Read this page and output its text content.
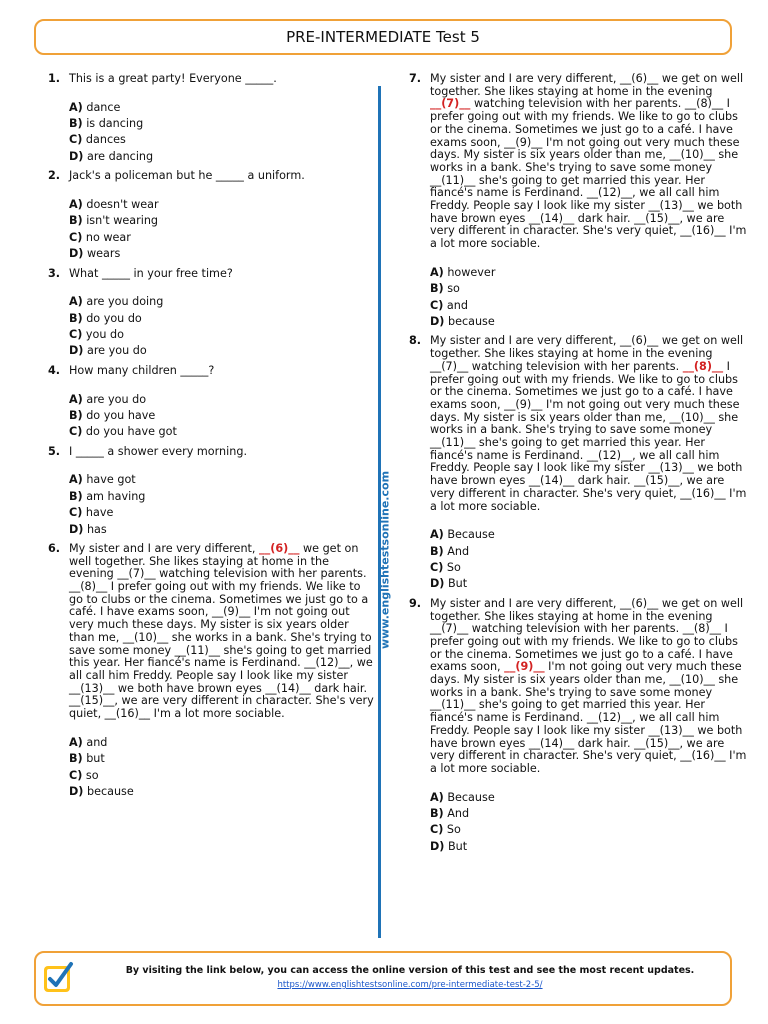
PRE-INTERMEDIATE Test 5
1. This is a great party! Everyone _____.
A) dance
B) is dancing
C) dances
D) are dancing
2. Jack's a policeman but he _____ a uniform.
A) doesn't wear
B) isn't wearing
C) no wear
D) wears
3. What _____ in your free time?
A) are you doing
B) do you do
C) you do
D) are you do
4. How many children _____?
A) are you do
B) do you have
C) do you have got
5. I _____ a shower every morning.
A) have got
B) am having
C) have
D) has
6. My sister and I are very different, __(6)__ we get on well together. She likes staying at home in the evening __(7)__ watching television with her parents. __(8)__ I prefer going out with my friends. We like to go to clubs or the cinema. Sometimes we just go to a café. I have exams soon, __(9)__ I'm not going out very much these days. My sister is six years older than me, __(10)__ she works in a bank. She's trying to save some money __(11)__ she's going to get married this year. Her fiancé's name is Ferdinand. __(12)__, we all call him Freddy. People say I look like my sister __(13)__ we both have brown eyes __(14)__ dark hair. __(15)__, we are very different in character. She's very quiet, __(16)__ I'm a lot more sociable.
A) and
B) but
C) so
D) because
7. My sister and I are very different, __(6)__ we get on well together. She likes staying at home in the evening __(7)__ watching television with her parents. __(8)__ I prefer going out with my friends. We like to go to clubs or the cinema. Sometimes we just go to a café. I have exams soon, __(9)__ I'm not going out very much these days. My sister is six years older than me, __(10)__ she works in a bank. She's trying to save some money __(11)__ she's going to get married this year. Her fiancé's name is Ferdinand. __(12)__, we all call him Freddy. People say I look like my sister __(13)__ we both have brown eyes __(14)__ dark hair. __(15)__, we are very different in character. She's very quiet, __(16)__ I'm a lot more sociable.
A) however
B) so
C) and
D) because
8. My sister and I are very different, __(6)__ we get on well together. She likes staying at home in the evening __(7)__ watching television with her parents. __(8)__ I prefer going out with my friends. We like to go to clubs or the cinema. Sometimes we just go to a café. I have exams soon, __(9)__ I'm not going out very much these days. My sister is six years older than me, __(10)__ she works in a bank. She's trying to save some money __(11)__ she's going to get married this year. Her fiancé's name is Ferdinand. __(12)__, we all call him Freddy. People say I look like my sister __(13)__ we both have brown eyes __(14)__ dark hair. __(15)__, we are very different in character. She's very quiet, __(16)__ I'm a lot more sociable.
A) Because
B) And
C) So
D) But
9. My sister and I are very different, __(6)__ we get on well together. She likes staying at home in the evening __(7)__ watching television with her parents. __(8)__ I prefer going out with my friends. We like to go to clubs or the cinema. Sometimes we just go to a café. I have exams soon, __(9)__ I'm not going out very much these days. My sister is six years older than me, __(10)__ she works in a bank. She's trying to save some money __(11)__ she's going to get married this year. Her fiancé's name is Ferdinand. __(12)__, we all call him Freddy. People say I look like my sister __(13)__ we both have brown eyes __(14)__ dark hair. __(15)__, we are very different in character. She's very quiet, __(16)__ I'm a lot more sociable.
A) Because
B) And
C) So
D) But
www.englishtestsonline.com
By visiting the link below, you can access the online version of this test and see the most recent updates.
https://www.englishtestsonline.com/pre-intermediate-test-2-5/
